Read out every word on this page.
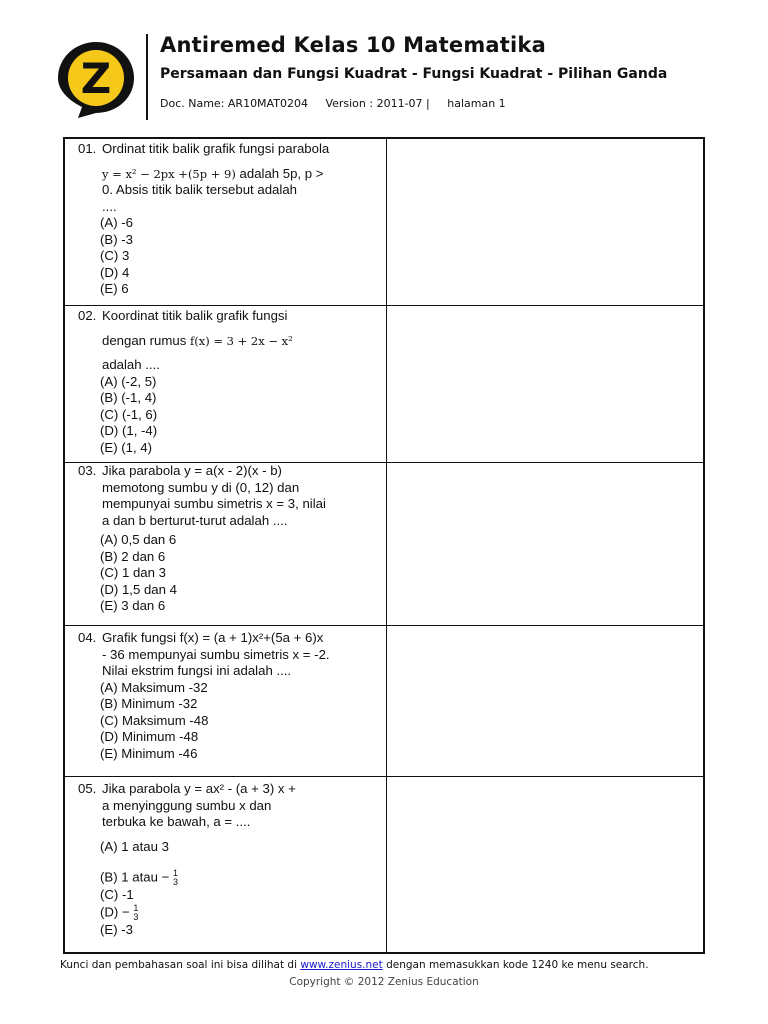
Z
Antiremed Kelas 10 Matematika
Persamaan dan Fungsi Kuadrat - Fungsi Kuadrat - Pilihan Ganda
Doc. Name: AR10MAT0204 Version : 2011-07 | halaman 1
01. Ordinat titik balik grafik fungsi parabola
y = x² − 2px +(5p + 9) adalah 5p, p >
0. Absis titik balik tersebut adalah
....
(A) -6
(B) -3
(C) 3
(D) 4
(E) 6
02. Koordinat titik balik grafik fungsi
dengan rumus f(x) = 3 + 2x − x²
adalah ....
(A) (-2, 5)
(B) (-1, 4)
(C) (-1, 6)
(D) (1, -4)
(E) (1, 4)
03. Jika parabola y = a(x - 2)(x - b)
memotong sumbu y di (0, 12) dan
mempunyai sumbu simetris x = 3, nilai
a dan b berturut-turut adalah ....
(A) 0,5 dan 6
(B) 2 dan 6
(C) 1 dan 3
(D) 1,5 dan 4
(E) 3 dan 6
04. Grafik fungsi f(x) = (a + 1)x²+(5a + 6)x
- 36 mempunyai sumbu simetris x = -2.
Nilai ekstrim fungsi ini adalah ....
(A) Maksimum -32
(B) Minimum -32
(C) Maksimum -48
(D) Minimum -48
(E) Minimum -46
05. Jika parabola y = ax² - (a + 3) x +
a menyinggung sumbu x dan
terbuka ke bawah, a = ....
(A) 1 atau 3
(B) 1 atau − 1
3
(C) -1
(D) − 1
3
(E) -3
Kunci dan pembahasan soal ini bisa dilihat di www.zenius.net dengan memasukkan kode 1240 ke menu search.
Copyright © 2012 Zenius Education
